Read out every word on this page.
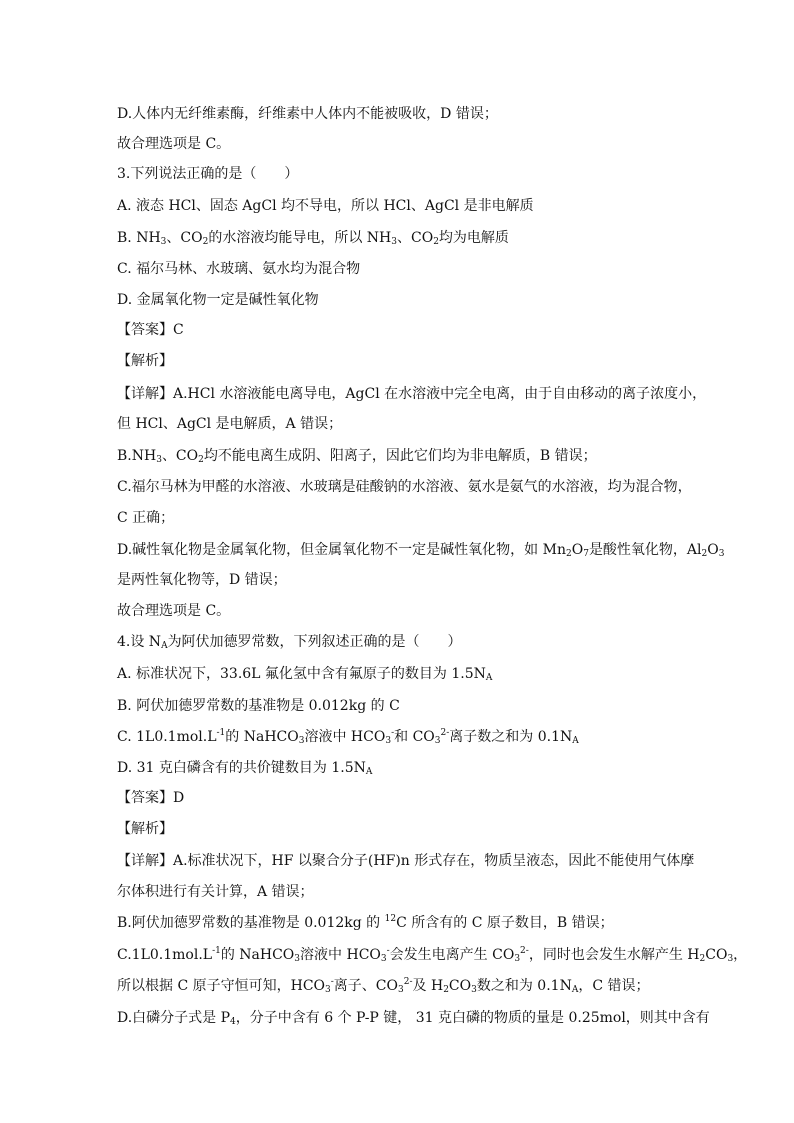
D.人体内无纤维素酶，纤维素中人体内不能被吸收，D 错误；
故合理选项是 C。
3.下列说法正确的是（　　）
A. 液态 HCl、固态 AgCl 均不导电，所以 HCl、AgCl 是非电解质
B. $NH_3$、$CO_2$的水溶液均能导电，所以 $NH_3$、$CO_2$均为电解质
C. 福尔马林、水玻璃、氨水均为混合物
D. 金属氧化物一定是碱性氧化物
【答案】C
【解析】
【详解】A.HCl 水溶液能电离导电，AgCl 在水溶液中完全电离，由于自由移动的离子浓度小，
但 HCl、AgCl 是电解质，A 错误；
$B.NH_3$、$CO_2$均不能电离生成阴、阳离子，因此它们均为非电解质，B 错误；
C.福尔马林为甲醛的水溶液、水玻璃是硅酸钠的水溶液、氨水是氨气的水溶液，均为混合物，
C 正确；
D.碱性氧化物是金属氧化物，但金属氧化物不一定是碱性氧化物，如 $Mn_2O_7$是酸性氧化物，$Al_2O_3$
是两性氧化物等，D 错误；
故合理选项是 C。
4.设 $N_A$为阿伏加德罗常数，下列叙述正确的是（　　）
A. 标准状况下，33.6L 氟化氢中含有氟原子的数目为 $1.5N_A$
B. 阿伏加德罗常数的基准物是 0.012kg 的 C
C. $1L0.1mol.L^{-1}$的 NaHCO$_3$溶液中 $HCO_3^-$和 $CO_3^{2-}$离子数之和为 $0.1N_A$
D. 31 克白磷含有的共价键数目为 $1.5N_A$
【答案】D
【解析】
【详解】A.标准状况下，HF 以聚合分子(HF)n 形式存在，物质呈液态，因此不能使用气体摩
尔体积进行有关计算，A 错误；
B.阿伏加德罗常数的基准物是 0.012kg 的 $^{12}$C 所含有的 C 原子数目，B 错误；
$C.1L0.1mol.L^{-1}$的 NaHCO$_3$溶液中 $HCO_3^-$会发生电离产生 $CO_3^{2-}$，同时也会发生水解产生 $H_2CO_3$，
所以根据 C 原子守恒可知，$HCO_3^-$离子、$CO_3^{2-}$及 $H_2CO_3$数之和为 $0.1N_A$，C 错误；
D.白磷分子式是 $P_4$，分子中含有 6 个 P-P 键， 31 克白磷的物质的量是 0.25mol，则其中含有
